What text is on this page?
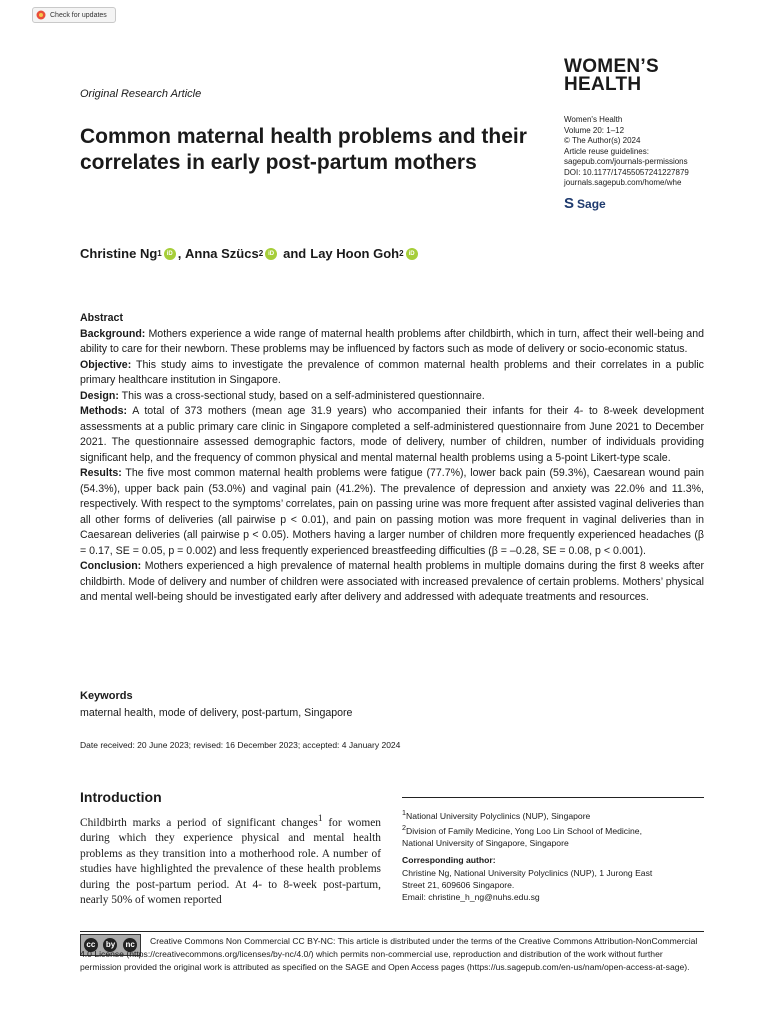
Check for updates
Original Research Article
WOMEN’S
HEALTH
Common maternal health problems and their correlates in early post-partum mothers
Women's Health
Volume 20: 1–12
© The Author(s) 2024
Article reuse guidelines:
sagepub.com/journals-permissions
DOI: 10.1177/17455057241227879
journals.sagepub.com/home/whe
S Sage
Christine Ng 1 iD ,
Anna Szücs 2 iD and Lay Hoon Goh 2 iD

Abstract

Background: Mothers experience a wide range of maternal health problems after childbirth, which in turn, affect their well-being and ability to care for their newborn. These problems may be influenced by factors such as mode of delivery or socio-economic status.

Objective: This study aims to investigate the prevalence of common maternal health problems and their correlates in a public primary healthcare institution in Singapore.

Design: This was a cross-sectional study, based on a self-administered questionnaire.

Methods: A total of 373 mothers (mean age 31.9 years) who accompanied their infants for their 4- to 8-week development assessments at a public primary care clinic in Singapore completed a self-administered questionnaire from June 2021 to December 2021. The questionnaire assessed demographic factors, mode of delivery, number of children, number of individuals providing significant help, and the frequency of common physical and mental maternal health problems using a 5-point Likert-type scale.

Results: The five most common maternal health problems were fatigue (77.7%), lower back pain (59.3%), Caesarean wound pain (54.3%), upper back pain (53.0%) and vaginal pain (41.2%). The prevalence of depression and anxiety was 22.0% and 11.3%, respectively. With respect to the symptoms’ correlates, pain on passing urine was more frequent after assisted vaginal deliveries than all other forms of deliveries (all pairwise p < 0.01), and pain on passing motion was more frequent in vaginal deliveries than in Caesarean deliveries (all pairwise p < 0.05). Mothers having a larger number of children more frequently experienced headaches (β = 0.17, SE = 0.05, p = 0.002) and less frequently experienced breastfeeding difficulties (β = –0.28, SE = 0.08, p < 0.001).

Conclusion: Mothers experienced a high prevalence of maternal health problems in multiple domains during the first 8 weeks after childbirth. Mode of delivery and number of children were associated with increased prevalence of certain problems. Mothers’ physical and mental well-being should be investigated early after delivery and addressed with adequate treatments and resources.

Keywords
maternal health, mode of delivery, post-partum, Singapore
Date received: 20 June 2023; revised: 16 December 2023; accepted: 4 January 2024
Introduction
Childbirth marks a period of significant changes$^1$ for women during which they experience physical and mental health problems as they transition into a motherhood role. A number of studies have highlighted the prevalence of these health problems during the post-partum period. At 4- to 8-week post-partum, nearly 50% of women reported
$^1$National University Polyclinics (NUP), Singapore
$^2$Division of Family Medicine, Yong Loo Lin School of Medicine,
National University of Singapore, Singapore
Corresponding author:
Christine Ng, National University Polyclinics (NUP), 1 Jurong East
Street 21, 609606 Singapore.
Email: christine_h_ng@nuhs.edu.sg
cc	by nc	Creative Commons Non Commercial CC BY-NC: This article is distributed under the terms of the Creative Commons Attribution-NonCommercial 4.0 License (https://creativecommons.org/licenses/by-nc/4.0/) which permits non-commercial use, reproduction and distribution of the work without further permission provided the original work is attributed as specified on the SAGE and Open Access pages (https://us.sagepub.com/en-us/nam/open-access-at-sage).
